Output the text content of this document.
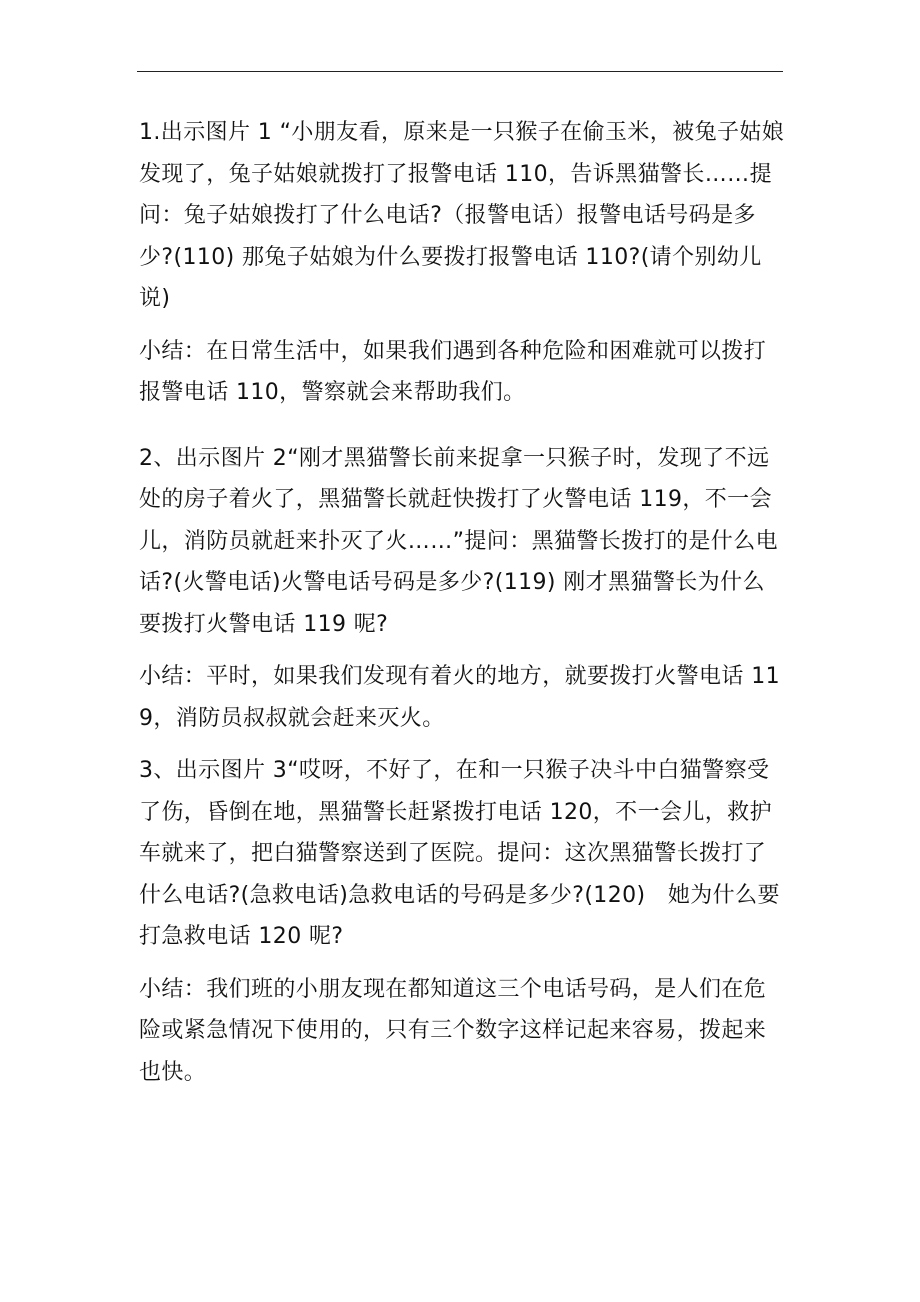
1.出示图片 1 “小朋友看，原来是一只猴子在偷玉米，被兔子姑娘发现了，兔子姑娘就拨打了报警电话 110，告诉黑猫警长……提问：兔子姑娘拨打了什么电话?（报警电话）报警电话号码是多少?(110) 那兔子姑娘为什么要拨打报警电话 110?(请个别幼儿说)

小结：在日常生活中，如果我们遇到各种危险和困难就可以拨打报警电话 110，警察就会来帮助我们。

2、出示图片 2“刚才黑猫警长前来捉拿一只猴子时，发现了不远处的房子着火了，黑猫警长就赶快拨打了火警电话 119，不一会儿，消防员就赶来扑灭了火……”提问：黑猫警长拨打的是什么电话?(火警电话)火警电话号码是多少?(119) 刚才黑猫警长为什么要拨打火警电话 119 呢?

小结：平时，如果我们发现有着火的地方，就要拨打火警电话 119，消防员叔叔就会赶来灭火。

3、出示图片 3“哎呀，不好了，在和一只猴子决斗中白猫警察受了伤，昏倒在地，黑猫警长赶紧拨打电话 120，不一会儿，救护车就来了，把白猫警察送到了医院。提问：这次黑猫警长拨打了什么电话?(急救电话)急救电话的号码是多少?(120)　她为什么要打急救电话 120 呢?

小结：我们班的小朋友现在都知道这三个电话号码，是人们在危险或紧急情况下使用的，只有三个数字这样记起来容易，拨起来也快。
